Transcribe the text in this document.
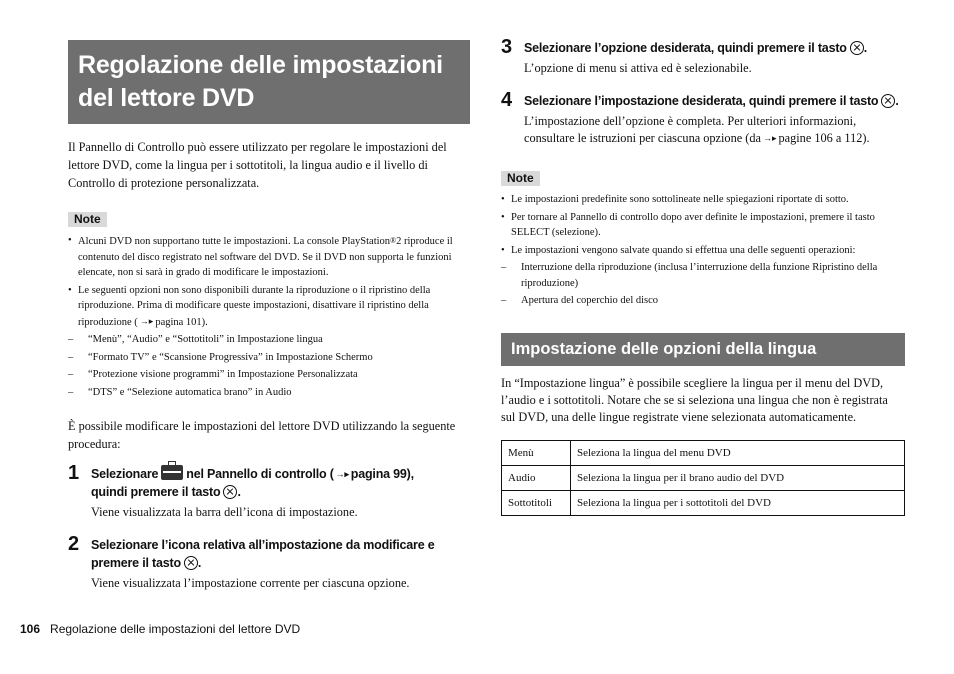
Regolazione delle impostazioni
del lettore DVD
Il Pannello di Controllo può essere utilizzato per regolare le impostazioni del lettore DVD, come la lingua per i sottotitoli, la lingua audio e il livello di Controllo di protezione personalizzata.
Note
• Alcuni DVD non supportano tutte le impostazioni. La console PlayStation®2 riproduce il contenuto del disco registrato nel software del DVD. Se il DVD non supporta le funzioni elencate, non si sarà in grado di modificare le impostazioni.
• Le seguenti opzioni non sono disponibili durante la riproduzione o il ripristino della riproduzione. Prima di modificare queste impostazioni, disattivare il ripristino della riproduzione ( →▸ pagina 101).
– “Menù”, “Audio” e “Sottotitoli” in Impostazione lingua
– “Formato TV” e “Scansione Progressiva” in Impostazione Schermo
– “Protezione visione programmi” in Impostazione Personalizzata
– “DTS” e “Selezione automatica brano” in Audio
È possibile modificare le impostazioni del lettore DVD utilizzando la seguente procedura:
1 Selezionare nel Pannello di controllo ( →▸ pagina 99),
quindi premere il tasto .
Viene visualizzata la barra dell’icona di impostazione.
2 Selezionare l’icona relativa all’impostazione da modificare e premere il tasto .
Viene visualizzata l’impostazione corrente per ciascuna opzione.
3 Selezionare l’opzione desiderata, quindi premere il tasto .
L’opzione di menu si attiva ed è selezionabile.
4 Selezionare l’impostazione desiderata, quindi premere il tasto .
L’impostazione dell’opzione è completa. Per ulteriori informazioni, consultare le istruzioni per ciascuna opzione (da →▸ pagine 106 a 112).
Note
• Le impostazioni predefinite sono sottolineate nelle spiegazioni riportate di sotto.
• Per tornare al Pannello di controllo dopo aver definite le impostazioni, premere il tasto SELECT (selezione).
• Le impostazioni vengono salvate quando si effettua una delle seguenti operazioni:
– Interruzione della riproduzione (inclusa l’interruzione della funzione Ripristino della riproduzione)
– Apertura del coperchio del disco
Impostazione delle opzioni della lingua
In “Impostazione lingua” è possibile scegliere la lingua per il menu del DVD, l’audio e i sottotitoli. Notare che se si seleziona una lingua che non è registrata sul DVD, una delle lingue registrate viene selezionata automaticamente.
Menù	Seleziona la lingua del menu DVD
Audio	Seleziona la lingua per il brano audio del DVD
Sottotitoli	Seleziona la lingua per i sottotitoli del DVD
106 Regolazione delle impostazioni del lettore DVD
